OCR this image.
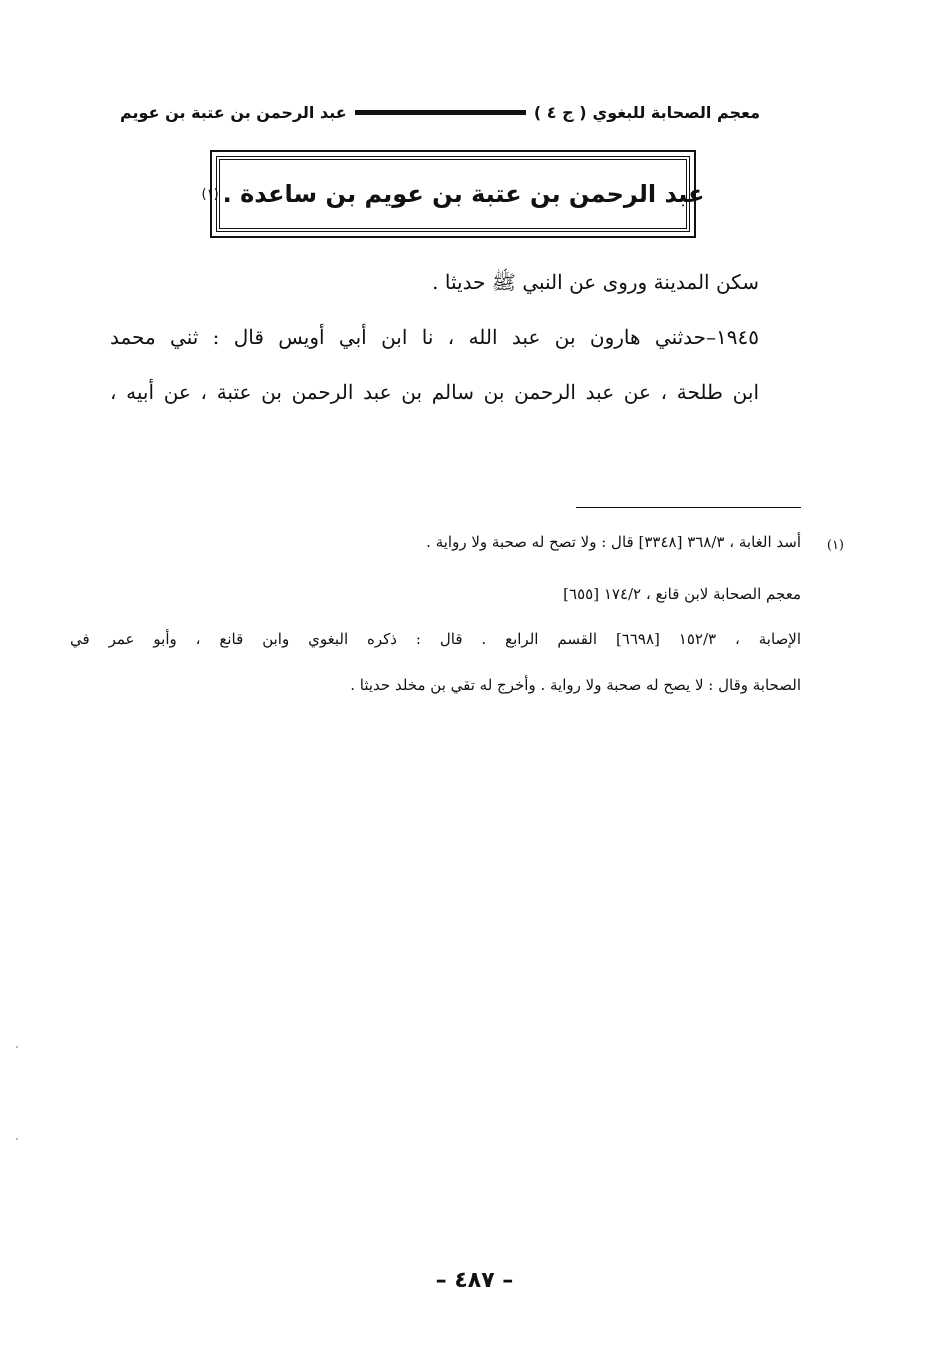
معجم الصحابة للبغوي
( ج ٤ )
عبد الرحمن بن عتبة بن عويم
عبد الرحمن بن عتبة بن عويم بن ساعدة .
(١)
سكن المدينة وروى عن النبي ﷺ حديثا .
١٩٤٥–حدثني هارون بن عبد الله ، نا ابن أبي أويس قال : ثني محمد
ابن طلحة ، عن عبد الرحمن بن سالم بن عبد الرحمن بن عتبة ، عن أبيه ،
(١)
أسد الغابة ، ٣٦٨/٣ [٣٣٤٨] قال : ولا تصح له صحبة ولا رواية .
معجم الصحابة لابن قانع ، ١٧٤/٢ [٦٥٥]
الإصابة ، ١٥٢/٣ [٦٦٩٨] القسم الرابع . قال : ذكره البغوي وابن قانع ، وأبو عمر في
الصحابة وقال : لا يصح له صحبة ولا رواية . وأخرج له تقي بن مخلد حديثا .
– ٤٨٧ –
